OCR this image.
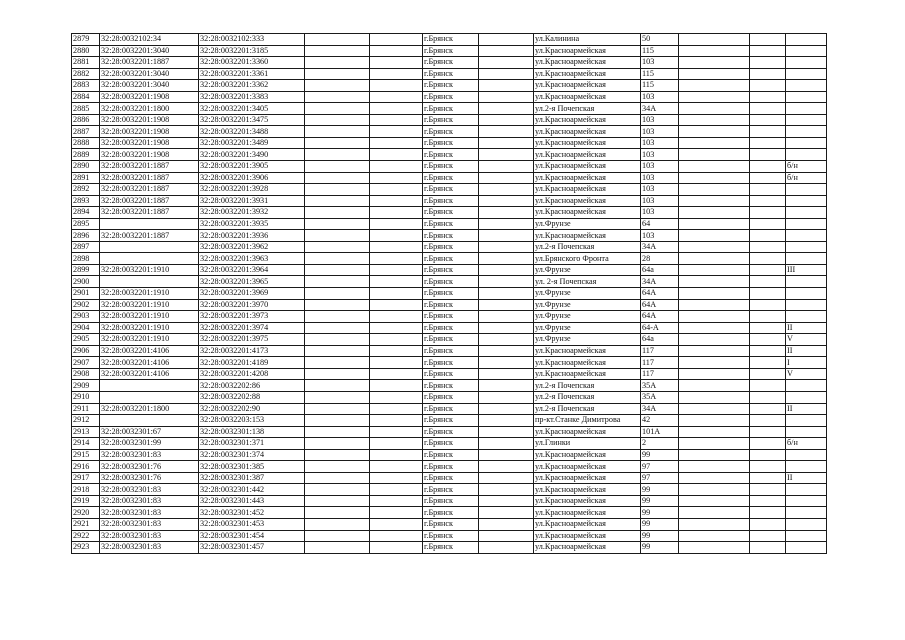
2879	32:28:0032102:34	32:28:0032102:333			г.Брянск		ул.Калинина	50			
2880	32:28:0032201:3040	32:28:0032201:3185			г.Брянск		ул.Красноармейская	115			
2881	32:28:0032201:1887	32:28:0032201:3360			г.Брянск		ул.Красноармейская	103			
2882	32:28:0032201:3040	32:28:0032201:3361			г.Брянск		ул.Красноармейская	115			
2883	32:28:0032201:3040	32:28:0032201:3362			г.Брянск		ул.Красноармейская	115			
2884	32:28:0032201:1908	32:28:0032201:3383			г.Брянск		ул.Красноармейская	103			
2885	32:28:0032201:1800	32:28:0032201:3405			г.Брянск		ул.2-я Почепская	34А			
2886	32:28:0032201:1908	32:28:0032201:3475			г.Брянск		ул.Красноармейская	103			
2887	32:28:0032201:1908	32:28:0032201:3488			г.Брянск		ул.Красноармейская	103			
2888	32:28:0032201:1908	32:28:0032201:3489			г.Брянск		ул.Красноармейская	103			
2889	32:28:0032201:1908	32:28:0032201:3490			г.Брянск		ул.Красноармейская	103			
2890	32:28:0032201:1887	32:28:0032201:3905			г.Брянск		ул.Красноармейская	103			б/н
2891	32:28:0032201:1887	32:28:0032201:3906			г.Брянск		ул.Красноармейская	103			б/н
2892	32:28:0032201:1887	32:28:0032201:3928			г.Брянск		ул.Красноармейская	103			
2893	32:28:0032201:1887	32:28:0032201:3931			г.Брянск		ул.Красноармейская	103			
2894	32:28:0032201:1887	32:28:0032201:3932			г.Брянск		ул.Красноармейская	103			
2895		32:28:0032201:3935			г.Брянск		ул.Фрунзе	64			
2896	32:28:0032201:1887	32:28:0032201:3936			г.Брянск		ул.Красноармейская	103			
2897		32:28:0032201:3962			г.Брянск		ул.2-я Почепская	34А			
2898		32:28:0032201:3963			г.Брянск		ул.Брянского Фронта	28			
2899	32:28:0032201:1910	32:28:0032201:3964			г.Брянск		ул.Фрунзе	64а			III
2900		32:28:0032201:3965			г.Брянск		ул. 2-я Почепская	34А			
2901	32:28:0032201:1910	32:28:0032201:3969			г.Брянск		ул.Фрунзе	64А			
2902	32:28:0032201:1910	32:28:0032201:3970			г.Брянск		ул.Фрунзе	64А			
2903	32:28:0032201:1910	32:28:0032201:3973			г.Брянск		ул.Фрунзе	64А			
2904	32:28:0032201:1910	32:28:0032201:3974			г.Брянск		ул.Фрунзе	64-А			II
2905	32:28:0032201:1910	32:28:0032201:3975			г.Брянск		ул.Фрунзе	64а			V
2906	32:28:0032201:4106	32:28:0032201:4173			г.Брянск		ул.Красноармейская	117			II
2907	32:28:0032201:4106	32:28:0032201:4189			г.Брянск		ул.Красноармейская	117			I
2908	32:28:0032201:4106	32:28:0032201:4208			г.Брянск		ул.Красноармейская	117			V
2909		32:28:0032202:86			г.Брянск		ул.2-я Почепская	35А			
2910		32:28:0032202:88			г.Брянск		ул.2-я Почепская	35А			
2911	32:28:0032201:1800	32:28:0032202:90			г.Брянск		ул.2-я Почепская	34А			II
2912		32:28:0032203:153			г.Брянск		пр-кт.Станке Димитрова	42			
2913	32:28:0032301:67	32:28:0032301:138			г.Брянск		ул.Красноармейская	101А			
2914	32:28:0032301:99	32:28:0032301:371			г.Брянск		ул.Глинки	2			б/н
2915	32:28:0032301:83	32:28:0032301:374			г.Брянск		ул.Красноармейская	99			
2916	32:28:0032301:76	32:28:0032301:385			г.Брянск		ул.Красноармейская	97			
2917	32:28:0032301:76	32:28:0032301:387			г.Брянск		ул.Красноармейская	97			II
2918	32:28:0032301:83	32:28:0032301:442			г.Брянск		ул.Красноармейская	99			
2919	32:28:0032301:83	32:28:0032301:443			г.Брянск		ул.Красноармейская	99			
2920	32:28:0032301:83	32:28:0032301:452			г.Брянск		ул.Красноармейская	99			
2921	32:28:0032301:83	32:28:0032301:453			г.Брянск		ул.Красноармейская	99			
2922	32:28:0032301:83	32:28:0032301:454			г.Брянск		ул.Красноармейская	99			
2923	32:28:0032301:83	32:28:0032301:457			г.Брянск		ул.Красноармейская	99			
